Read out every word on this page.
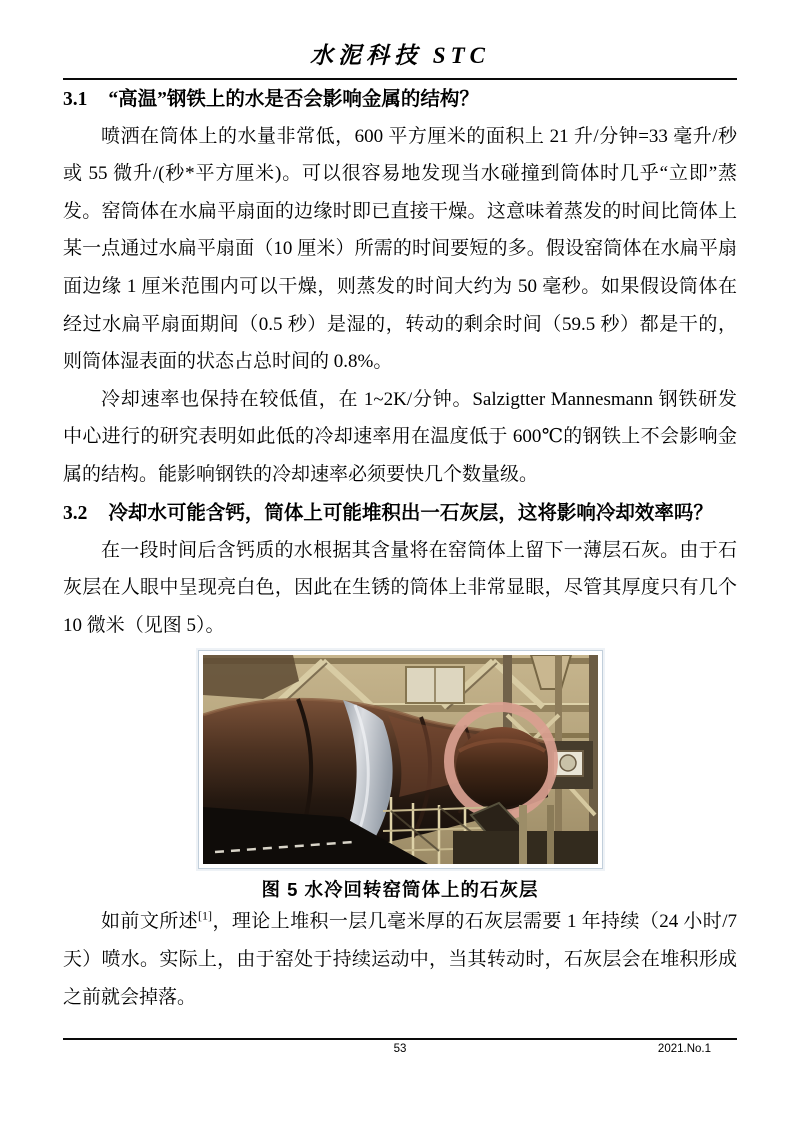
水泥科技 STC
3.1 “高温”钢铁上的水是否会影响金属的结构？

喷洒在筒体上的水量非常低，600 平方厘米的面积上 21 升/分钟=33 毫升/秒或 55 微升/(秒*平方厘米)。可以很容易地发现当水碰撞到筒体时几乎“立即”蒸发。窑筒体在水扁平扇面的边缘时即已直接干燥。这意味着蒸发的时间比筒体上某一点通过水扁平扇面（10 厘米）所需的时间要短的多。假设窑筒体在水扁平扇面边缘 1 厘米范围内可以干燥，则蒸发的时间大约为 50 毫秒。如果假设筒体在经过水扁平扇面期间（0.5 秒）是湿的，转动的剩余时间（59.5 秒）都是干的，则筒体湿表面的状态占总时间的 0.8%。

冷却速率也保持在较低值，在 1~2K/分钟。Salzigtter Mannesmann 钢铁研发中心进行的研究表明如此低的冷却速率用在温度低于 600℃的钢铁上不会影响金属的结构。能影响钢铁的冷却速率必须要快几个数量级。

3.2 冷却水可能含钙，筒体上可能堆积出一石灰层，这将影响冷却效率吗？

在一段时间后含钙质的水根据其含量将在窑筒体上留下一薄层石灰。由于石灰层在人眼中呈现亮白色，因此在生锈的筒体上非常显眼，尽管其厚度只有几个 10 微米（见图 5）。

图 5 水冷回转窑筒体上的石灰层

如前文所述[1]，理论上堆积一层几毫米厚的石灰层需要 1 年持续（24 小时/7 天）喷水。实际上，由于窑处于持续运动中，当其转动时，石灰层会在堆积形成之前就会掉落。

53	2021.No.1
